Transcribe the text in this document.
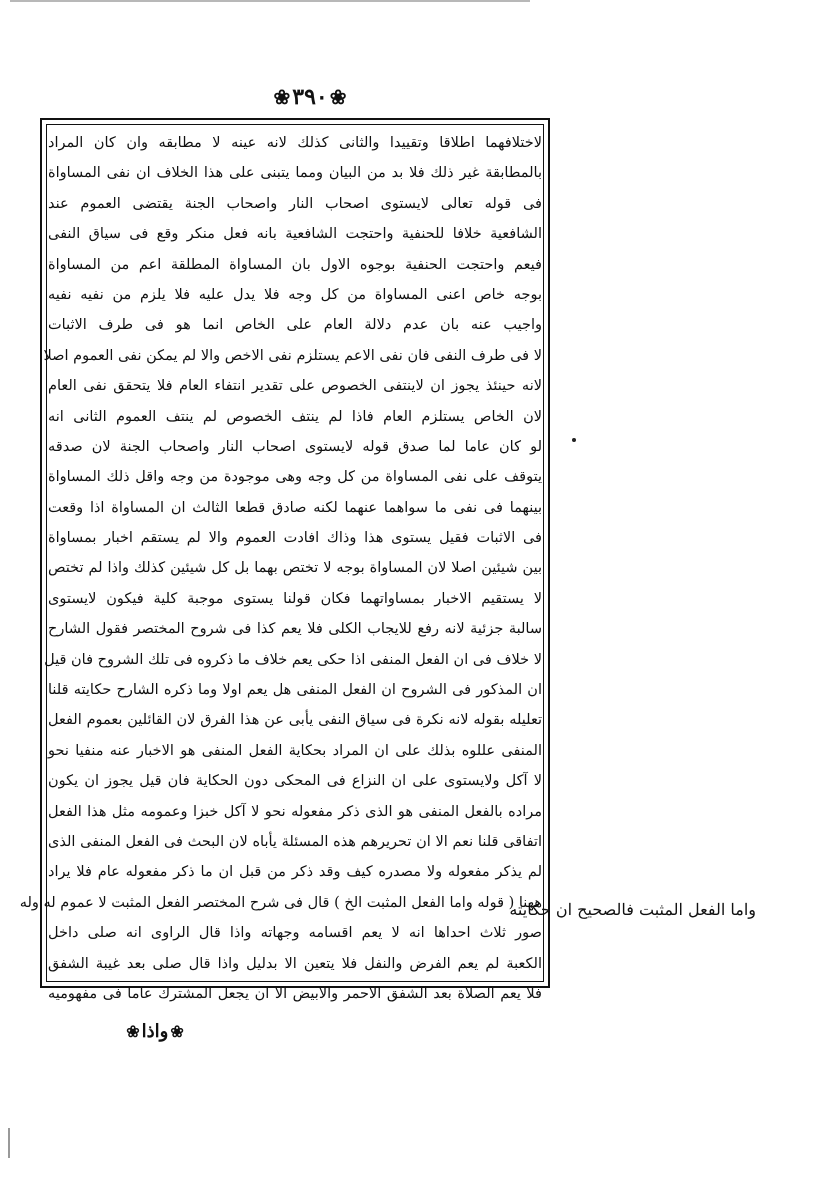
❀٣٩٠❀
لاختلافهما اطلاقا وتقييدا والثانى كذلك لانه عينه لا مطابقه وان كان المراد
بالمطابقة غير ذلك فلا بد من البيان ومما يتبنى على هذا الخلاف ان نفى المساواة
فى قوله تعالى لايستوى اصحاب النار واصحاب الجنة يقتضى العموم عند
الشافعية خلافا للحنفية واحتجت الشافعية بانه فعل منكر وقع فى سياق النفى
فيعم واحتجت الحنفية بوجوه الاول بان المساواة المطلقة اعم من المساواة
بوجه خاص اعنى المساواة من كل وجه فلا يدل عليه فلا يلزم من نفيه نفيه
واجيب عنه بان عدم دلالة العام على الخاص انما هو فى طرف الاثبات
لا فى طرف النفى فان نفى الاعم يستلزم نفى الاخص والا لم يمكن نفى العموم اصلا
لانه حينئذ يجوز ان لاينتفى الخصوص على تقدير انتفاء العام فلا يتحقق نفى العام
لان الخاص يستلزم العام فاذا لم ينتف الخصوص لم ينتف العموم الثانى انه
لو كان عاما لما صدق قوله لايستوى اصحاب النار واصحاب الجنة لان صدقه
يتوقف على نفى المساواة من كل وجه وهى موجودة من وجه واقل ذلك المساواة
بينهما فى نفى ما سواهما عنهما لكنه صادق قطعا الثالث ان المساواة اذا وقعت
فى الاثبات فقيل يستوى هذا وذاك افادت العموم والا لم يستقم اخبار بمساواة
بين شيئين اصلا لان المساواة بوجه لا تختص بهما بل كل شيئين كذلك واذا لم تختص
لا يستقيم الاخبار بمساواتهما فكان قولنا يستوى موجبة كلية فيكون لايستوى
سالبة جزئية لانه رفع للايجاب الكلى فلا يعم كذا فى شروح المختصر فقول الشارح
لا خلاف فى ان الفعل المنفى اذا حكى يعم خلاف ما ذكروه فى تلك الشروح فان قيل
ان المذكور فى الشروح ان الفعل المنفى هل يعم اولا وما ذكره الشارح حكايته قلنا
تعليله بقوله لانه نكرة فى سياق النفى يأبى عن هذا الفرق لان القائلين بعموم الفعل
المنفى عللوه بذلك على ان المراد بحكاية الفعل المنفى هو الاخبار عنه منفيا نحو
لا آكل ولايستوى على ان النزاع فى المحكى دون الحكاية فان قيل يجوز ان يكون
مراده بالفعل المنفى هو الذى ذكر مفعوله نحو لا آكل خبزا وعمومه مثل هذا الفعل
اتفاقى قلنا نعم الا ان تحريرهم هذه المسئلة يأباه لان البحث فى الفعل المنفى الذى
لم يذكر مفعوله ولا مصدره كيف وقد ذكر من قبل ان ما ذكر مفعوله عام فلا يراد
ههنا ( قوله واما الفعل المثبت الخ ) قال فى شرح المختصر الفعل المثبت لا عموم له وله
صور ثلاث احداها انه لا يعم اقسامه وجهاته واذا قال الراوى انه صلى داخل
الكعبة لم يعم الفرض والنفل فلا يتعين الا بدليل واذا قال صلى بعد غيبة الشفق
فلا يعم الصلاة بعد الشفق الاحمر والابيض الا ان يجعل المشترك عاما فى مفهوميه
واما الفعل المثبت فالصحيح ان حكايته
❀واذا❀
